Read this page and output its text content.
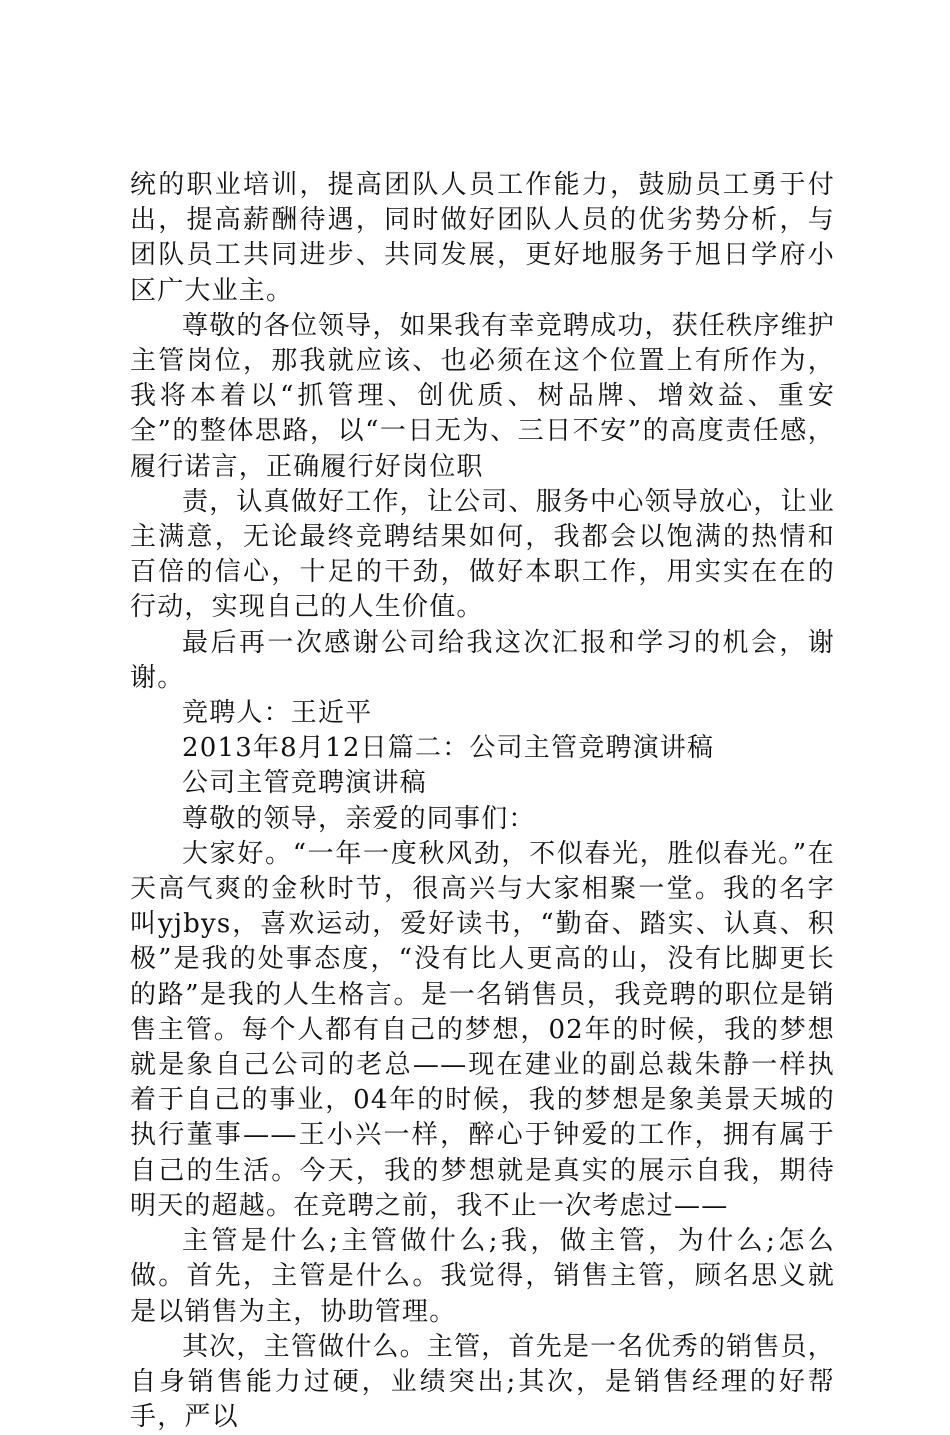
统的职业培训，提高团队人员工作能力，鼓励员工勇于付出，提高薪酬待遇，同时做好团队人员的优劣势分析，与团队员工共同进步、共同发展，更好地服务于旭日学府小区广大业主。

尊敬的各位领导，如果我有幸竞聘成功，获任秩序维护主管岗位，那我就应该、也必须在这个位置上有所作为，我将本着以“抓管理、创优质、树品牌、增效益、重安全”的整体思路，以“一日无为、三日不安”的高度责任感，履行诺言，正确履行好岗位职

责，认真做好工作，让公司、服务中心领导放心，让业主满意，无论最终竞聘结果如何，我都会以饱满的热情和百倍的信心，十足的干劲，做好本职工作，用实实在在的行动，实现自己的人生价值。

最后再一次感谢公司给我这次汇报和学习的机会，谢谢。

竞聘人：王近平

2013年8月12日篇二：公司主管竞聘演讲稿

公司主管竞聘演讲稿

尊敬的领导，亲爱的同事们：

大家好。“一年一度秋风劲，不似春光，胜似春光。”在天高气爽的金秋时节，很高兴与大家相聚一堂。我的名字叫yjbys，喜欢运动，爱好读书，“勤奋、踏实、认真、积极”是我的处事态度，“没有比人更高的山，没有比脚更长的路”是我的人生格言。是一名销售员，我竞聘的职位是销售主管。每个人都有自己的梦想，02年的时候，我的梦想就是象自己公司的老总——现在建业的副总裁朱静一样执着于自己的事业，04年的时候，我的梦想是象美景天城的执行董事——王小兴一样，醉心于钟爱的工作，拥有属于自己的生活。今天，我的梦想就是真实的展示自我，期待明天的超越。在竞聘之前，我不止一次考虑过——

主管是什么;主管做什么;我，做主管，为什么;怎么做。首先，主管是什么。我觉得，销售主管，顾名思义就是以销售为主，协助管理。

其次，主管做什么。主管，首先是一名优秀的销售员，自身销售能力过硬，业绩突出;其次，是销售经理的好帮手，严以
